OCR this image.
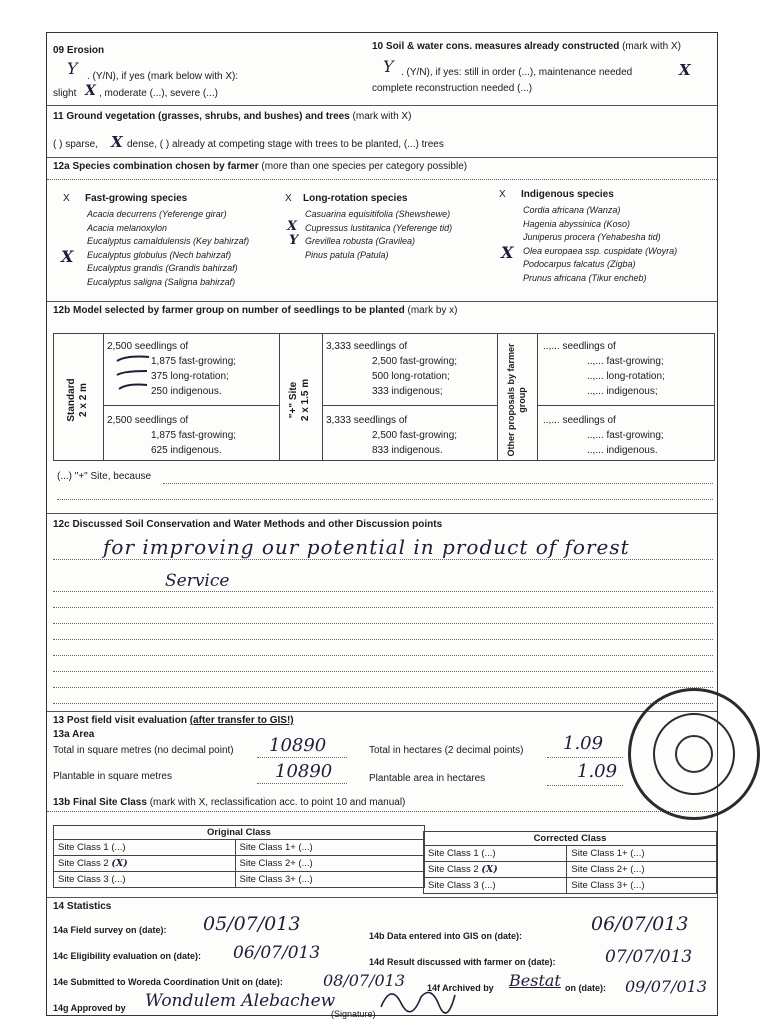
09 Erosion
Y . (Y/N), if yes (mark below with X):
slight X , moderate (...), severe (...)
10 Soil & water cons. measures already constructed (mark with X)
Y . (Y/N), if yes: still in order (...), maintenance needed	X
complete reconstruction needed (...)
11 Ground vegetation (grasses, shrubs, and bushes) and trees (mark with X)
( ) sparse, X dense, ( ) already at competing stage with trees to be planted, (...) trees
12a Species combination chosen by farmer (more than one species per category possible)
X Fast-growing species
Acacia decurrens (Yeferenge girar)
Acacia melanoxylon
Eucalyptus camaldulensis (Key bahirzaf)
Eucalyptus globulus (Nech bahirzaf)
Eucalyptus grandis (Grandis bahirzaf)
Eucalyptus saligna (Saligna bahirzaf)
X
X Long-rotation species
Casuarina equisitifolia (Shewshewe)
Cupressus lustitanica (Yeferenge tid)
Grevillea robusta (Gravilea)
Pinus patula (Patula)
X
Y
X Indigenous species
Cordia africana (Wanza)
Hagenia abyssinica (Koso)
Juniperus procera (Yehabesha tid)
Olea europaea ssp. cuspidate (Woyra)
Podocarpus falcatus (Zigba)
Prunus africana (Tikur encheb)
X
12b Model selected by farmer group on number of seedlings to be planted (mark by x)
Standard 2 x 2 m	"+" Site 2 x 1.5 m	Other proposals by farmer group
2,500 seedlings of
1,875 fast-growing;
375 long-rotation;
250 indigenous.
2,500 seedlings of
1,875 fast-growing;
625 indigenous.
3,333 seedlings of
2,500 fast-growing;
500 long-rotation;
333 indigenous;
3,333 seedlings of
2,500 fast-growing;
833 indigenous.
..,... seedlings of
..,... fast-growing;
..,... long-rotation;
..,... indigenous;
..,... seedlings of
..,... fast-growing;
..,... indigenous.
(...) "+" Site, because
12c Discussed Soil Conservation and Water Methods and other Discussion points
for improving our potential in product of forest
Service
13 Post field visit evaluation (after transfer to GIS!)
13a Area
Total in square metres (no decimal point) 10890	Total in hectares (2 decimal points) 1.09
Plantable in square metres	10890	Plantable area in hectares	1.09
13b Final Site Class (mark with X, reclassification acc. to point 10 and manual)
Original Class	
Site Class 1 (...)	Site Class 1+ (...)
Site Class 2 (X)	Site Class 2+ (...)
Site Class 3 (...)	Site Class 3+ (...)
Corrected Class	
Site Class 1 (...)	Site Class 1+ (...)
Site Class 2 (X)	Site Class 2+ (...)
Site Class 3 (...)	Site Class 3+ (...)
14 Statistics
14a Field survey on (date): 05/07/013
14b Data entered into GIS on (date):
06/07/013
14c Eligibility evaluation on (date): 06/07/013	14d Result discussed with farmer on (date):	07/07/013
14e Submitted to Woreda Coordination Unit on (date):	08/07/013 14f Archived by Bestat on (date): 09/07/013
14g Approved by Wondulem Alebachew
(Signature)
